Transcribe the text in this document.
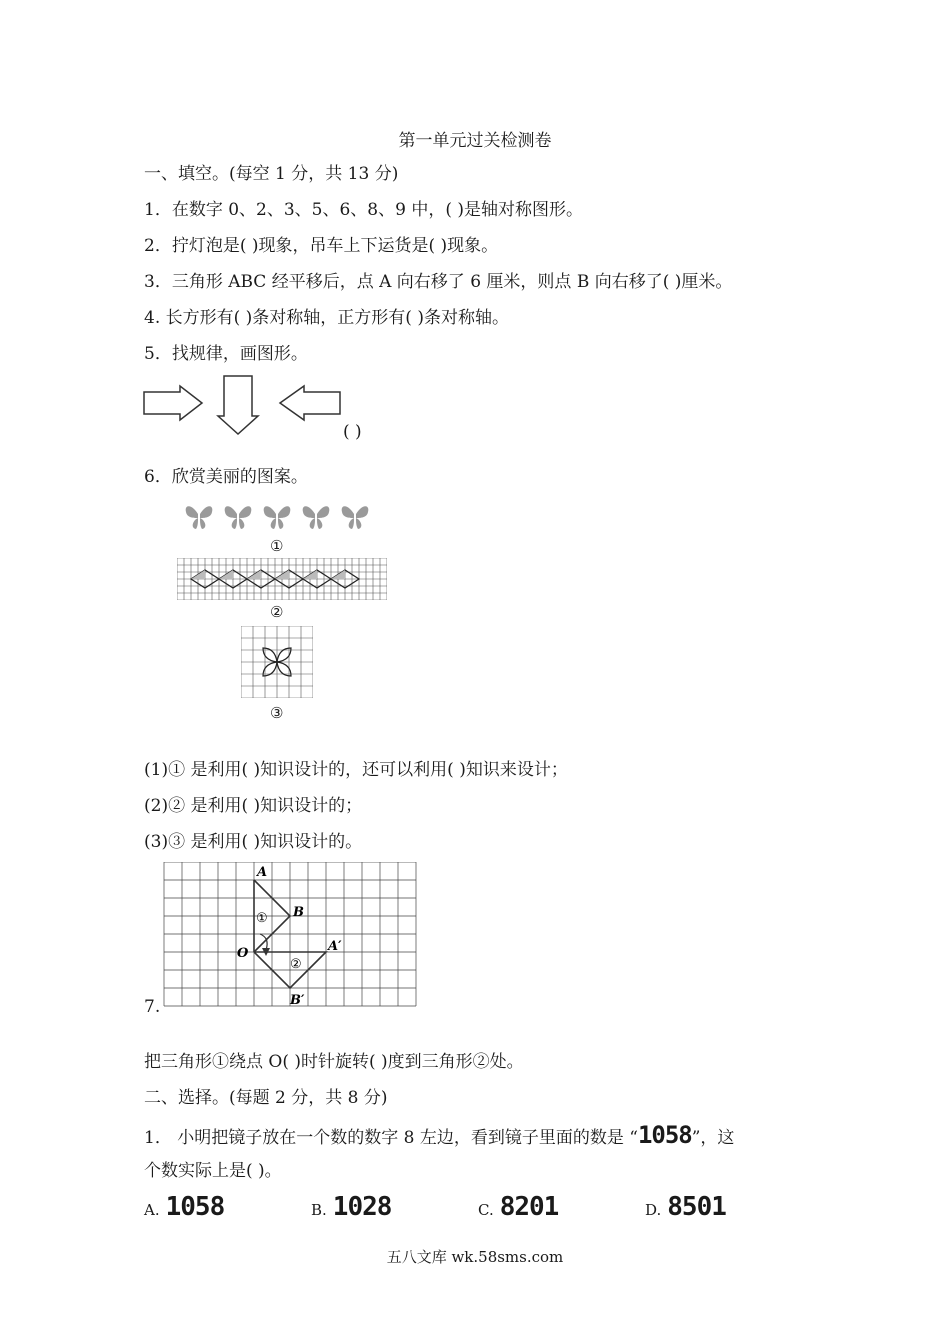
第一单元过关检测卷
一、填空。(每空 1 分，共 13 分)
1．在数字 0、2、3、5、6、8、9 中，( )是轴对称图形。
2．拧灯泡是( )现象，吊车上下运货是( )现象。
3．三角形 ABC 经平移后，点 A 向右移了 6 厘米，则点 B 向右移了( )厘米。
4. 长方形有( )条对称轴，正方形有( )条对称轴。
5．找规律，画图形。
( )
6．欣赏美丽的图案。
①
②
③
(1)① 是利用( )知识设计的，还可以利用( )知识来设计；
(2)② 是利用( )知识设计的；
(3)③ 是利用( )知识设计的。
7.
A
B
O	A′
B′
①
②
把三角形①绕点 O( )时针旋转( )度到三角形②处。
二、选择。(每题 2 分，共 8 分)
1． 小明把镜子放在一个数的数字 8 左边，看到镜子里面的数是 “1058”，这
个数实际上是( )。
A. 1058	B. 1028	C. 8201	D. 8501
五八文库 wk.58sms.com
